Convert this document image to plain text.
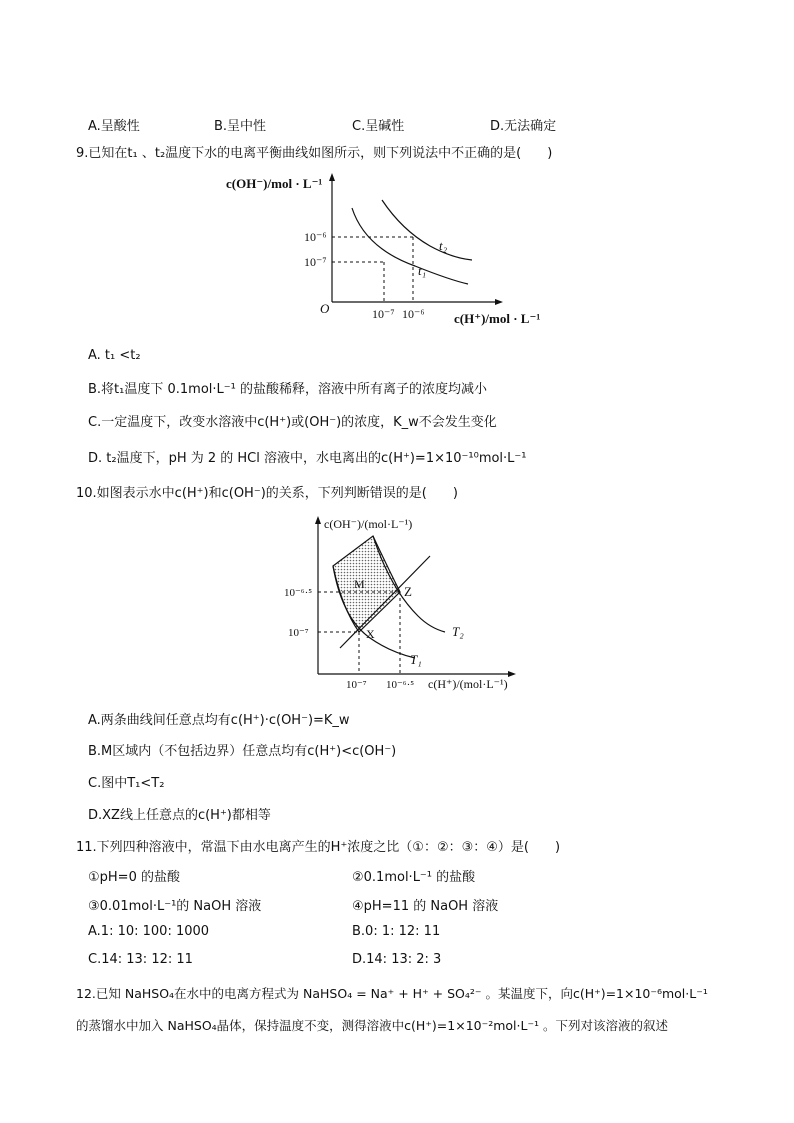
A.呈酸性	B.呈中性	C.呈碱性	D.无法确定
9.已知在t₁ 、t₂温度下水的电离平衡曲线如图所示，则下列说法中不正确的是(　　)
c(OH⁻)/mol · L⁻¹
c(H⁺)/mol · L⁻¹
O
10⁻⁶
10⁻⁷
10⁻⁷ 10⁻⁶
t₂
t₁
A. t₁ <t₂
B.将t₁温度下 0.1mol·L⁻¹ 的盐酸稀释，溶液中所有离子的浓度均减小
C.一定温度下，改变水溶液中c(H⁺)或(OH⁻)的浓度，K_w不会发生变化
D. t₂温度下，pH 为 2 的 HCl 溶液中，水电离出的c(H⁺)=1×10⁻¹⁰mol·L⁻¹
10.如图表示水中c(H⁺)和c(OH⁻)的关系，下列判断错误的是(　　)
c(OH⁻)/(mol·L⁻¹)
c(H⁺)/(mol·L⁻¹)
10⁻⁶·⁵
10⁻⁷
10⁻⁷ 10⁻⁶·⁵
M	Z
X	T₂
T₁
A.两条曲线间任意点均有c(H⁺)·c(OH⁻)=K_w
B.M区域内（不包括边界）任意点均有c(H⁺)<c(OH⁻)
C.图中T₁<T₂
D.XZ线上任意点的c(H⁺)都相等
11.下列四种溶液中，常温下由水电离产生的H⁺浓度之比（①：②：③：④）是(　　)
①pH=0 的盐酸	②0.1mol·L⁻¹ 的盐酸
③0.01mol·L⁻¹的 NaOH 溶液	④pH=11 的 NaOH 溶液
A.1: 10: 100: 1000	B.0: 1: 12: 11
C.14: 13: 12: 11	D.14: 13: 2: 3
12.已知 NaHSO₄在水中的电离方程式为 NaHSO₄ = Na⁺ + H⁺ + SO₄²⁻ 。某温度下，向c(H⁺)=1×10⁻⁶mol·L⁻¹
的蒸馏水中加入 NaHSO₄晶体，保持温度不变，测得溶液中c(H⁺)=1×10⁻²mol·L⁻¹ 。下列对该溶液的叙述
